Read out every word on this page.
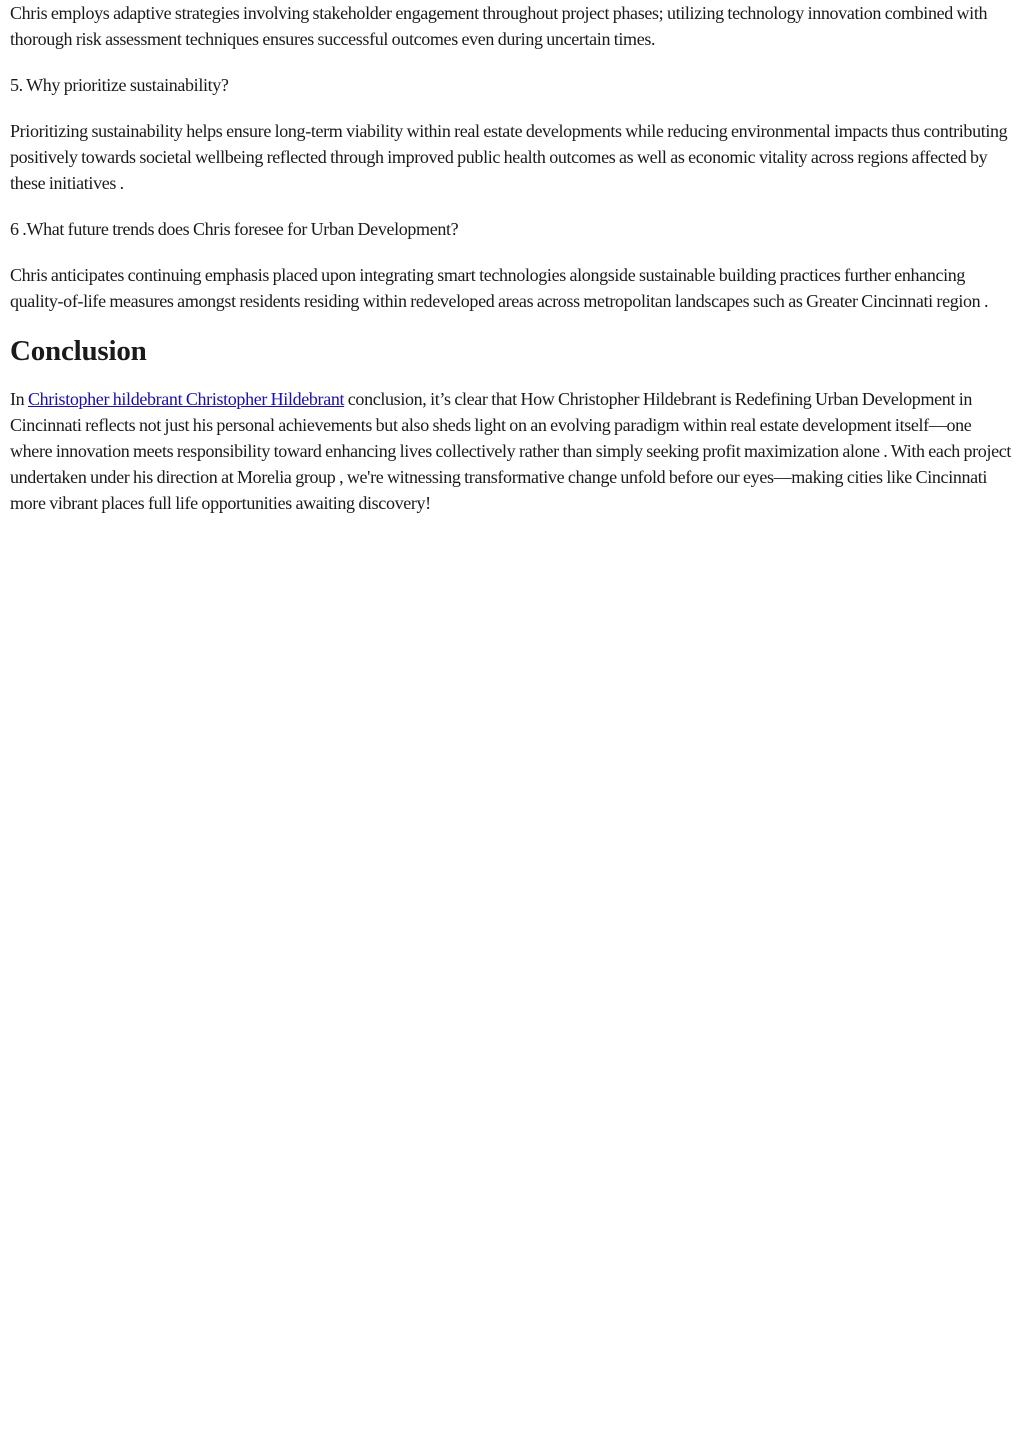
Chris employs adaptive strategies involving stakeholder engagement throughout project phases; utilizing technology innovation combined with thorough risk assessment techniques ensures successful outcomes even during uncertain times.

5. Why prioritize sustainability?

Prioritizing sustainability helps ensure long-term viability within real estate developments while reducing environmental impacts thus contributing positively towards societal wellbeing reflected through improved public health outcomes as well as economic vitality across regions affected by these initiatives .

6 .What future trends does Chris foresee for Urban Development?

Chris anticipates continuing emphasis placed upon integrating smart technologies alongside sustainable building practices further enhancing quality-of-life measures amongst residents residing within redeveloped areas across metropolitan landscapes such as Greater Cincinnati region .

Conclusion

In Christopher hildebrant Christopher Hildebrant conclusion, it’s clear that How Christopher Hildebrant is Redefining Urban Development in Cincinnati reflects not just his personal achievements but also sheds light on an evolving paradigm within real estate development itself—one where innovation meets responsibility toward enhancing lives collectively rather than simply seeking profit maximization alone . With each project undertaken under his direction at Morelia group , we're witnessing transformative change unfold before our eyes—making cities like Cincinnati more vibrant places full life opportunities awaiting discovery!
